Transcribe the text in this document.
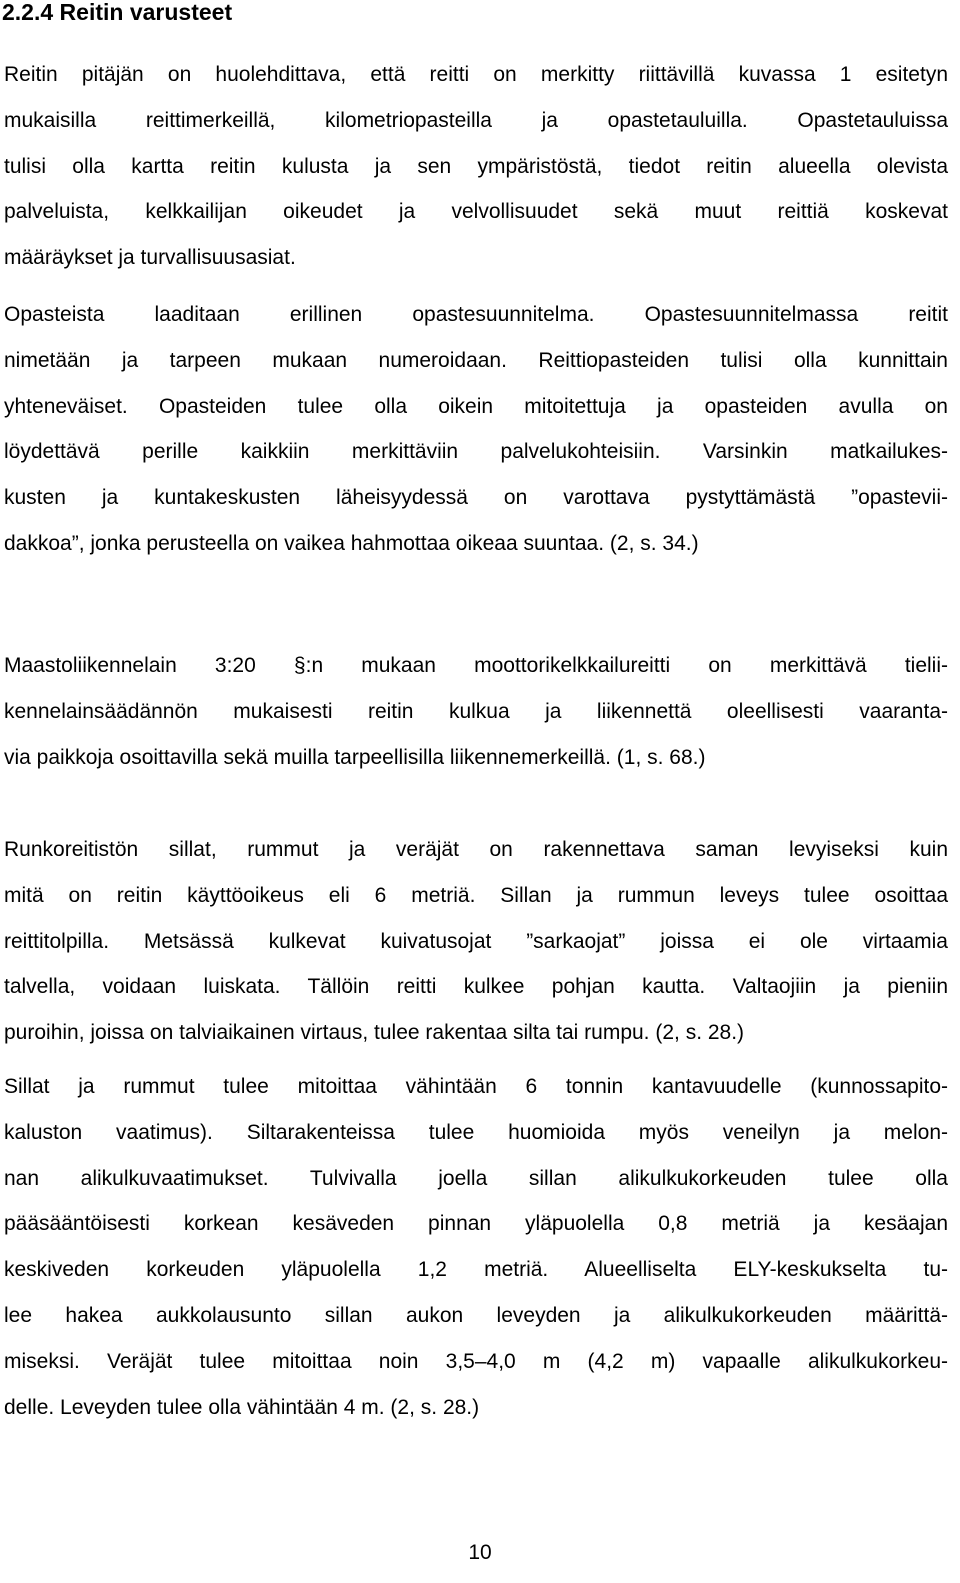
2.2.4 Reitin varusteet
Reitin pitäjän on huolehdittava, että reitti on merkitty riittävillä kuvassa 1 esitetyn
mukaisilla reittimerkeillä, kilometriopasteilla ja opastetauluilla. Opastetauluissa
tulisi olla kartta reitin kulusta ja sen ympäristöstä, tiedot reitin alueella olevista
palveluista, kelkkailijan oikeudet ja velvollisuudet sekä muut reittiä koskevat
määräykset ja turvallisuusasiat.
Opasteista laaditaan erillinen opastesuunnitelma. Opastesuunnitelmassa reitit
nimetään ja tarpeen mukaan numeroidaan. Reittiopasteiden tulisi olla kunnittain
yhteneväiset. Opasteiden tulee olla oikein mitoitettuja ja opasteiden avulla on
löydettävä perille kaikkiin merkittäviin palvelukohteisiin. Varsinkin matkailukes-
kusten ja kuntakeskusten läheisyydessä on varottava pystyttämästä ”opastevii-
dakkoa”, jonka perusteella on vaikea hahmottaa oikeaa suuntaa. (2, s. 34.)
Maastoliikennelain 3:20 §:n mukaan moottorikelkkailureitti on merkittävä tielii-
kennelainsäädännön mukaisesti reitin kulkua ja liikennettä oleellisesti vaaranta-
via paikkoja osoittavilla sekä muilla tarpeellisilla liikennemerkeillä. (1, s. 68.)
Runkoreitistön sillat, rummut ja veräjät on rakennettava saman levyiseksi kuin
mitä on reitin käyttöoikeus eli 6 metriä. Sillan ja rummun leveys tulee osoittaa
reittitolpilla. Metsässä kulkevat kuivatusojat ”sarkaojat” joissa ei ole virtaamia
talvella, voidaan luiskata. Tällöin reitti kulkee pohjan kautta. Valtaojiin ja pieniin
puroihin, joissa on talviaikainen virtaus, tulee rakentaa silta tai rumpu. (2, s. 28.)
Sillat ja rummut tulee mitoittaa vähintään 6 tonnin kantavuudelle (kunnossapito-
kaluston vaatimus). Siltarakenteissa tulee huomioida myös veneilyn ja melon-
nan alikulkuvaatimukset. Tulvivalla joella sillan alikulkukorkeuden tulee olla
pääsääntöisesti korkean kesäveden pinnan yläpuolella 0,8 metriä ja kesäajan
keskiveden korkeuden yläpuolella 1,2 metriä. Alueelliselta ELY-keskukselta tu-
lee hakea aukkolausunto sillan aukon leveyden ja alikulkukorkeuden määrittä-
miseksi. Veräjät tulee mitoittaa noin 3,5–4,0 m (4,2 m) vapaalle alikulkukorkeu-
delle. Leveyden tulee olla vähintään 4 m. (2, s. 28.)

10
